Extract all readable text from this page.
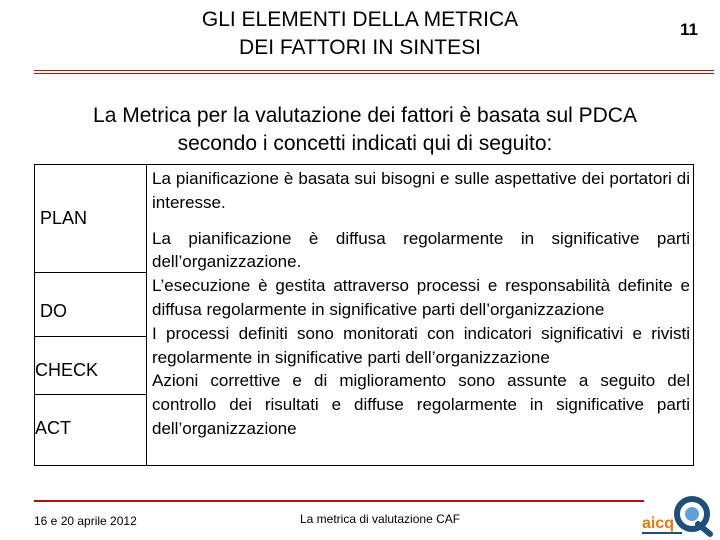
GLI ELEMENTI DELLA METRICA
DEI FATTORI IN SINTESI
11
La Metrica per la valutazione dei fattori è basata sul PDCA
secondo i concetti indicati qui di seguito:
PLAN
DO
CHECK
ACT

La pianificazione è basata sui bisogni e sulle aspettative dei portatori di interesse.

La pianificazione è diffusa regolarmente in significative parti dell’organizzazione.

L’esecuzione è gestita attraverso processi e responsabilità definite e diffusa regolarmente in significative parti dell’organizzazione

I processi definiti sono monitorati con indicatori significativi e rivisti regolarmente in significative parti dell’organizzazione

Azioni correttive e di miglioramento sono assunte a seguito del controllo dei risultati e diffuse regolarmente in significative parti dell’organizzazione

16 e 20 aprile 2012	La metrica di valutazione CAF	aicq
